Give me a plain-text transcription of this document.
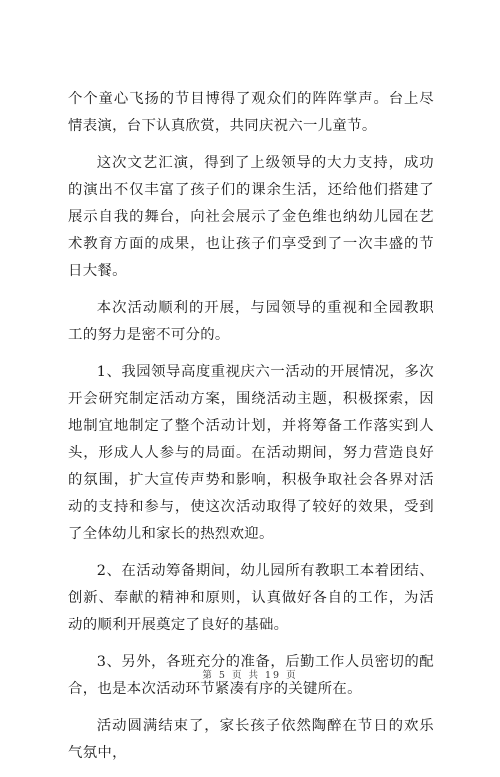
个个童心飞扬的节目博得了观众们的阵阵掌声。台上尽情表演，台下认真欣赏，共同庆祝六一儿童节。

这次文艺汇演，得到了上级领导的大力支持，成功的演出不仅丰富了孩子们的课余生活，还给他们搭建了展示自我的舞台，向社会展示了金色维也纳幼儿园在艺术教育方面的成果，也让孩子们享受到了一次丰盛的节日大餐。

本次活动顺利的开展，与园领导的重视和全园教职工的努力是密不可分的。

1、我园领导高度重视庆六一活动的开展情况，多次开会研究制定活动方案，围绕活动主题，积极探索，因地制宜地制定了整个活动计划，并将筹备工作落实到人头，形成人人参与的局面。在活动期间，努力营造良好的氛围，扩大宣传声势和影响，积极争取社会各界对活动的支持和参与，使这次活动取得了较好的效果，受到了全体幼儿和家长的热烈欢迎。

2、在活动筹备期间，幼儿园所有教职工本着团结、创新、奉献的精神和原则，认真做好各自的工作，为活动的顺利开展奠定了良好的基础。

3、另外，各班充分的准备，后勤工作人员密切的配合，也是本次活动环节紧凑有序的关键所在。

活动圆满结束了，家长孩子依然陶醉在节日的欢乐气氛中，

第 5 页 共 19 页
